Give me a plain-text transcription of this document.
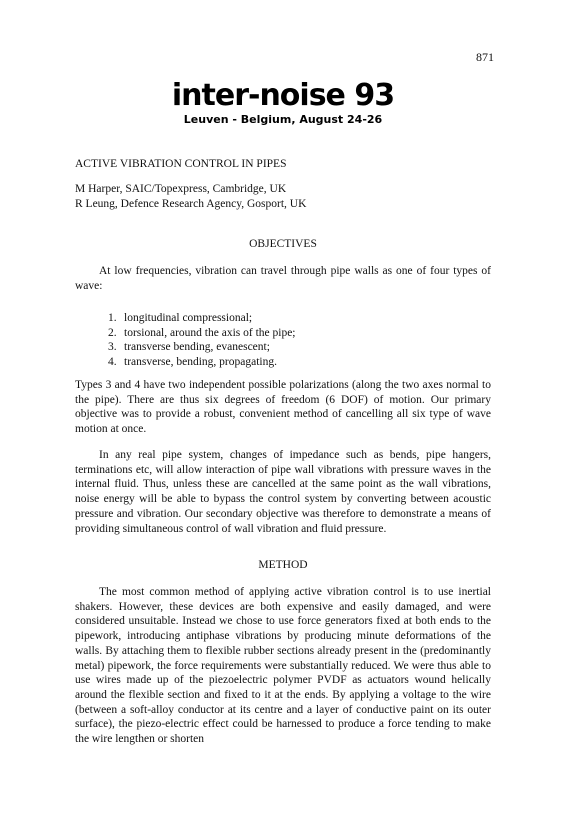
871
inter-noise 93
Leuven - Belgium, August 24-26
ACTIVE VIBRATION CONTROL IN PIPES
M Harper, SAIC/Topexpress, Cambridge, UK
R Leung, Defence Research Agency, Gosport, UK
OBJECTIVES

At low frequencies, vibration can travel through pipe walls as one of four types of wave:

1. longitudinal compressional;
2. torsional, around the axis of the pipe;
3. transverse bending, evanescent;
4. transverse, bending, propagating.

Types 3 and 4 have two independent possible polarizations (along the two axes normal to the pipe). There are thus six degrees of freedom (6 DOF) of motion. Our primary objective was to provide a robust, convenient method of cancelling all six type of wave motion at once.

In any real pipe system, changes of impedance such as bends, pipe hangers, terminations etc, will allow interaction of pipe wall vibrations with pressure waves in the internal fluid. Thus, unless these are cancelled at the same point as the wall vibrations, noise energy will be able to bypass the control system by converting between acoustic pressure and vibration. Our secondary objective was therefore to demonstrate a means of providing simultaneous control of wall vibration and fluid pressure.

METHOD

The most common method of applying active vibration control is to use inertial shakers. However, these devices are both expensive and easily damaged, and were considered unsuitable. Instead we chose to use force generators fixed at both ends to the pipework, introducing antiphase vibrations by producing minute deformations of the walls. By attaching them to flexible rubber sections already present in the (predominantly metal) pipework, the force requirements were substantially reduced. We were thus able to use wires made up of the piezoelectric polymer PVDF as actuators wound helically around the flexible section and fixed to it at the ends. By applying a voltage to the wire (between a soft-alloy conductor at its centre and a layer of conductive paint on its outer surface), the piezo-electric effect could be harnessed to produce a force tending to make the wire lengthen or shorten
